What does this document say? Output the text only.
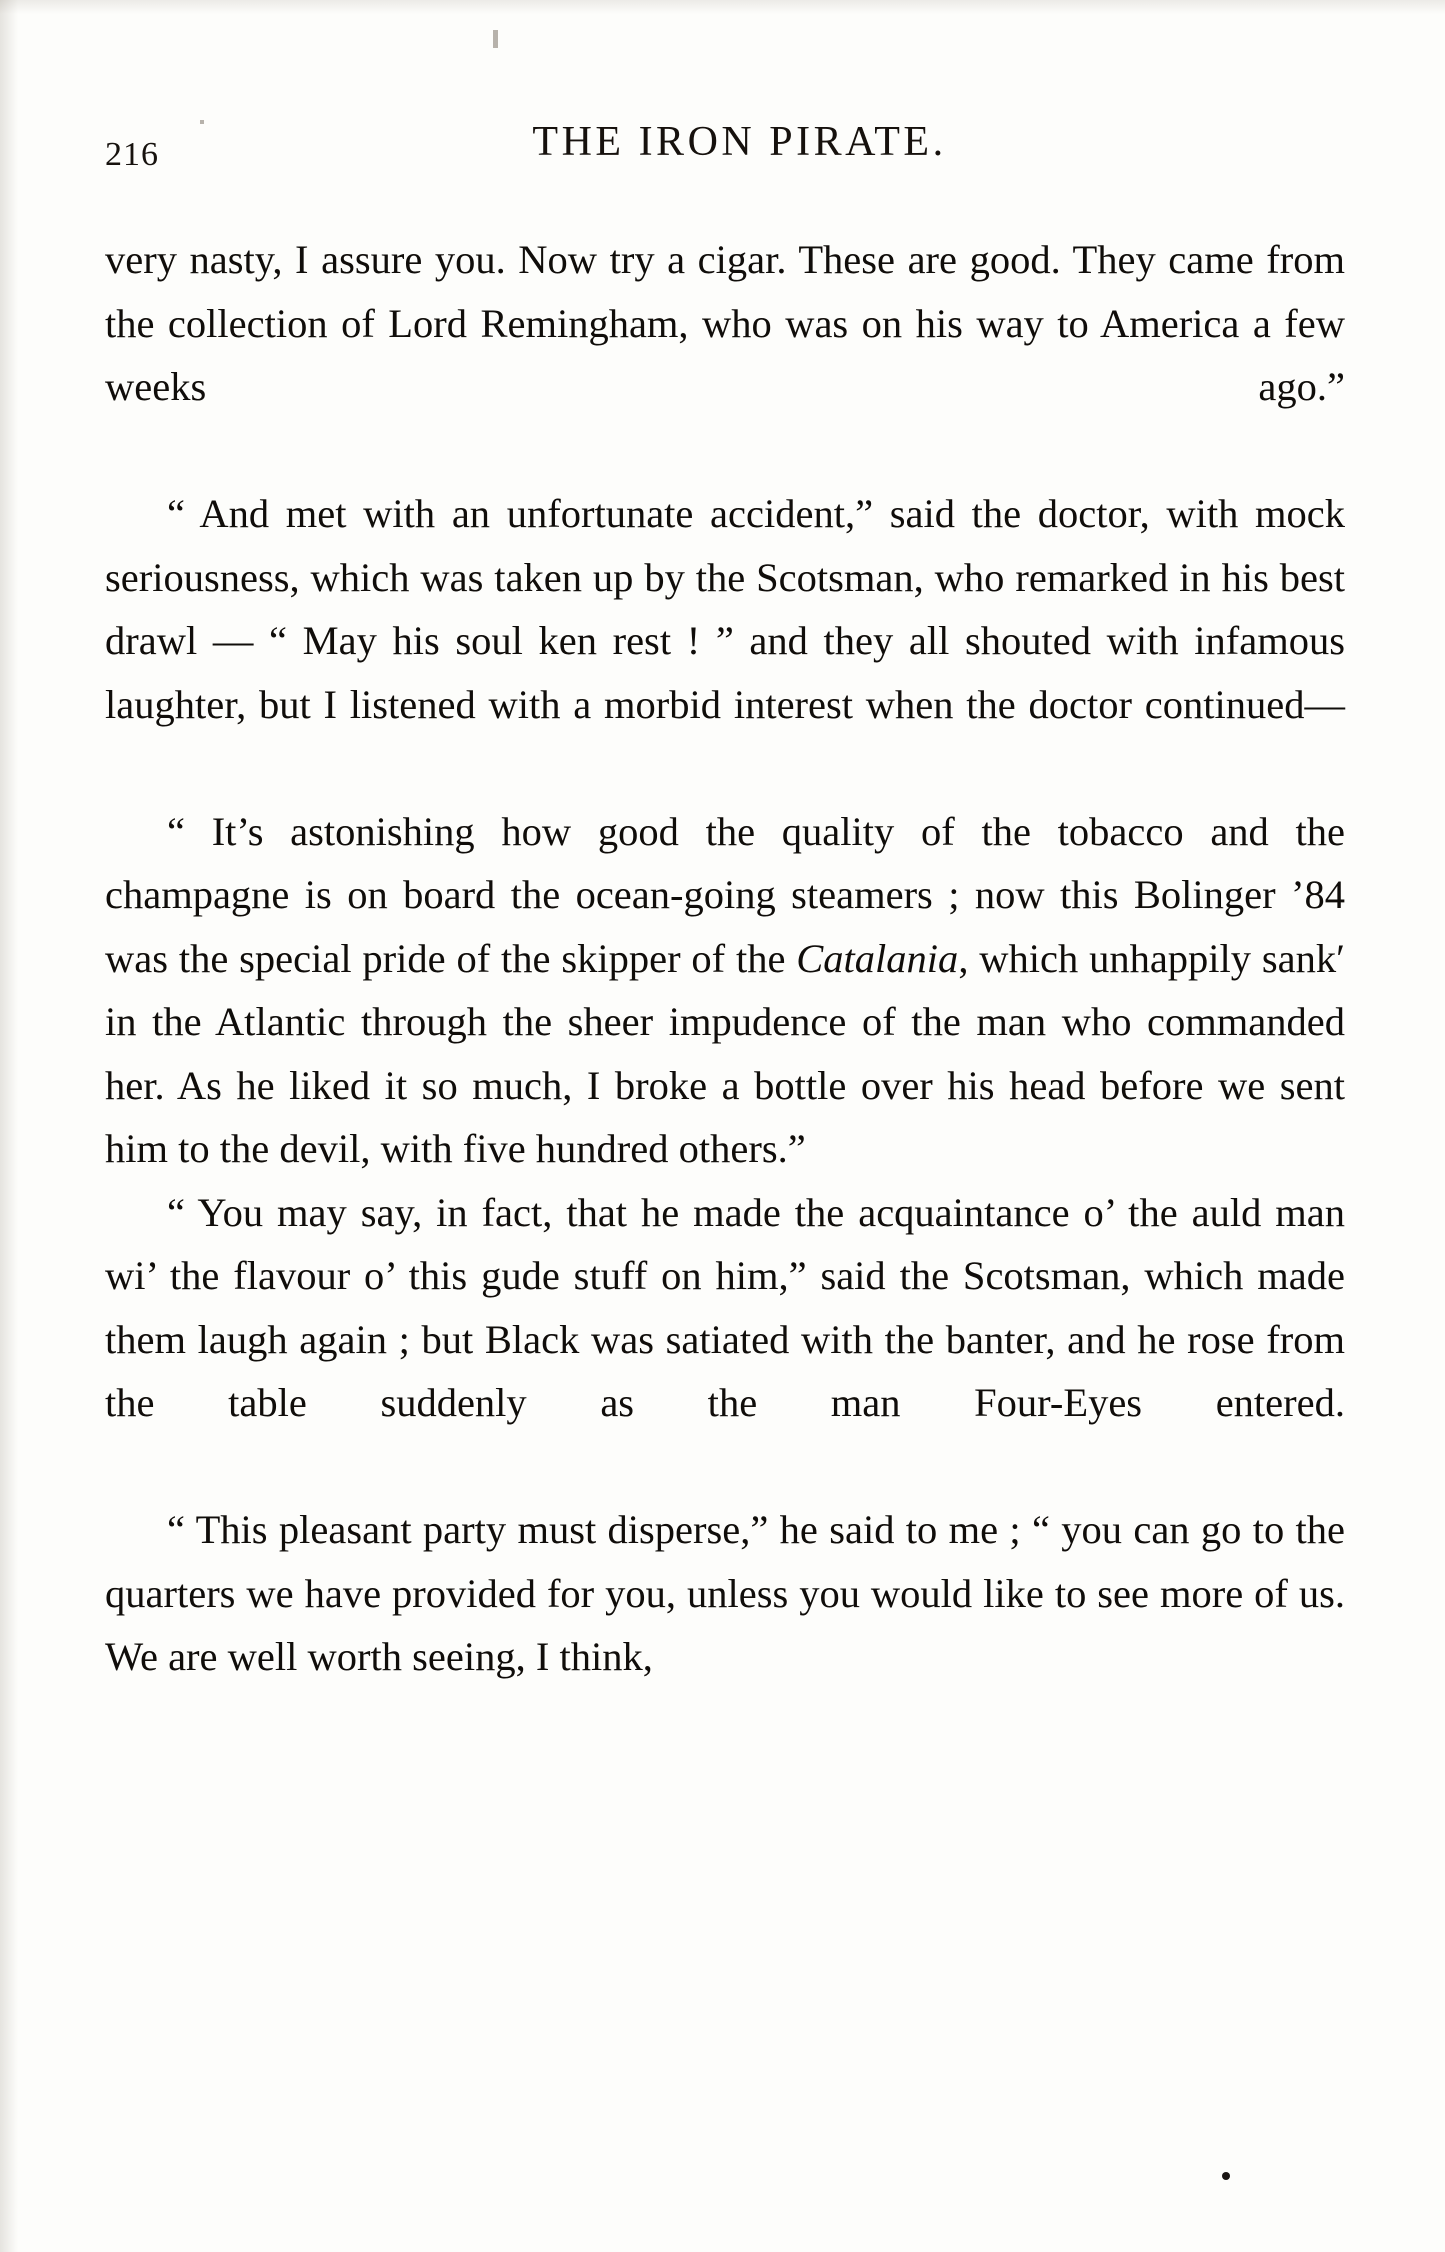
216	THE IRON PIRATE.

very nasty, I assure you. Now try a cigar. These are good. They came from the collection of Lord Remingham, who was on his way to America a few weeks ago.”

“ And met with an unfortunate accident,” said the doctor, with mock seriousness, which was taken up by the Scotsman, who remarked in his best drawl — “ May his soul ken rest ! ” and they all shouted with infamous laughter, but I listened with a morbid interest when the doctor continued—

“ It’s astonishing how good the quality of the tobacco and the champagne is on board the ocean-going steamers ; now this Bolinger ’84 was the special pride of the skipper of the Catalania, which unhappily sankʹ in the Atlantic through the sheer impudence of the man who commanded her. As he liked it so much, I broke a bottle over his head before we sent him to the devil, with five hundred others.”

“ You may say, in fact, that he made the acquaintance o’ the auld man wi’ the flavour o’ this gude stuff on him,” said the Scotsman, which made them laugh again ; but Black was satiated with the banter, and he rose from the table suddenly as the man Four-Eyes entered.

“ This pleasant party must disperse,” he said to me ; “ you can go to the quarters we have provided for you, unless you would like to see more of us. We are well worth seeing, I think,
